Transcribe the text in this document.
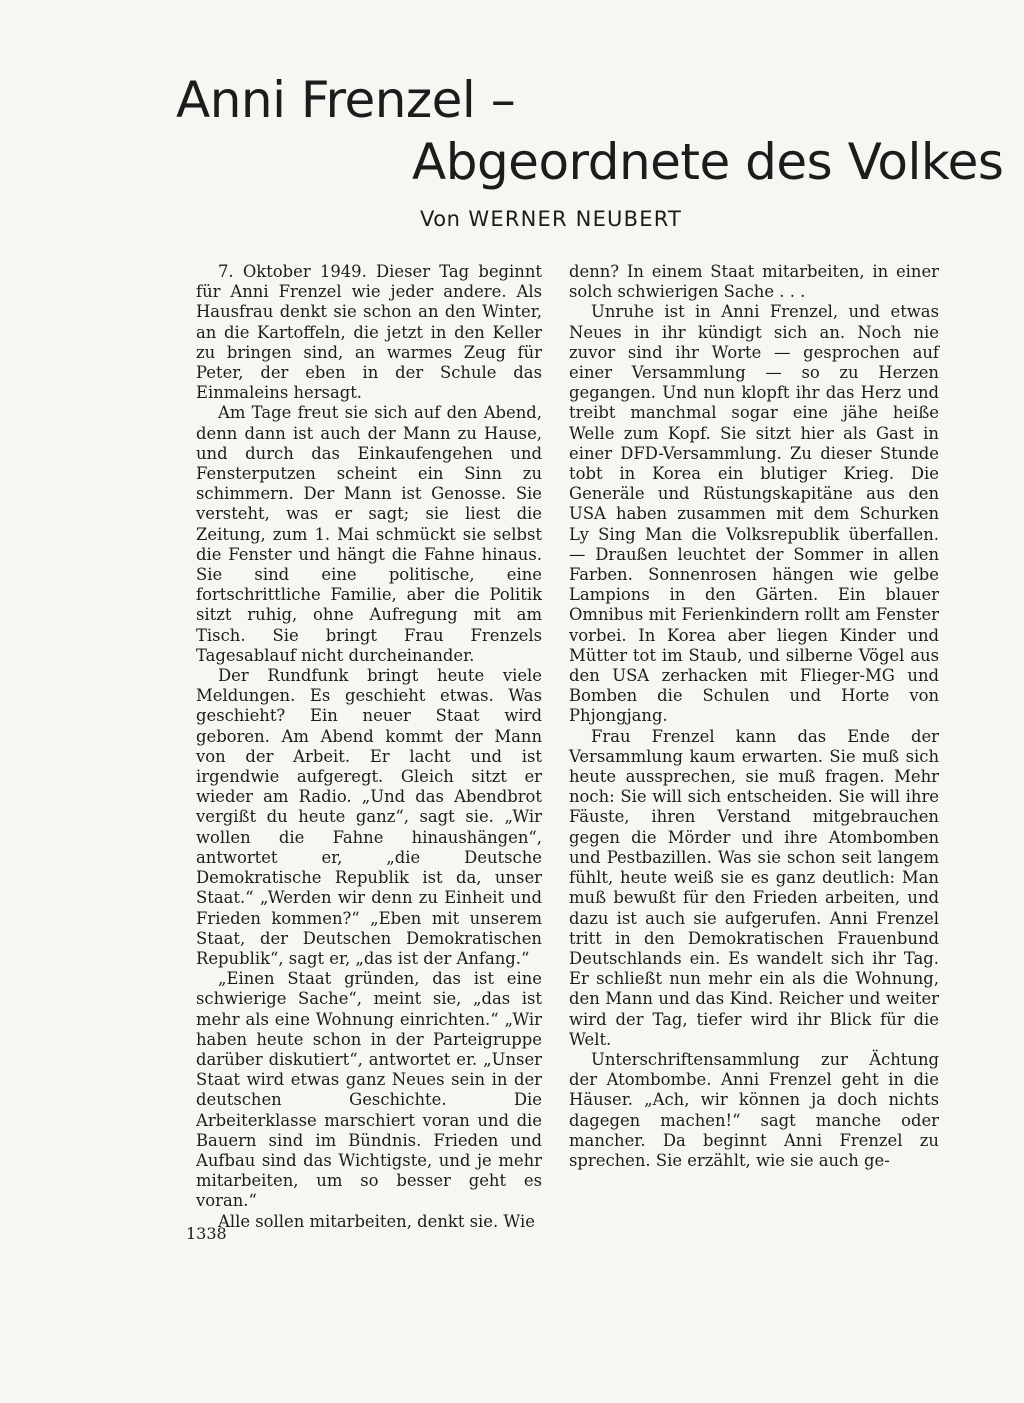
Anni Frenzel –
Abgeordnete des Volkes
Von WERNER NEUBERT

7. Oktober 1949. Dieser Tag beginnt für Anni Frenzel wie jeder andere. Als Hausfrau denkt sie schon an den Winter, an die Kartoffeln, die jetzt in den Keller zu bringen sind, an warmes Zeug für Peter, der eben in der Schule das Einmaleins hersagt.

Am Tage freut sie sich auf den Abend, denn dann ist auch der Mann zu Hause, und durch das Einkaufengehen und Fensterputzen scheint ein Sinn zu schimmern. Der Mann ist Genosse. Sie versteht, was er sagt; sie liest die Zeitung, zum 1. Mai schmückt sie selbst die Fenster und hängt die Fahne hinaus. Sie sind eine politische, eine fortschrittliche Familie, aber die Politik sitzt ruhig, ohne Aufregung mit am Tisch. Sie bringt Frau Frenzels Tagesablauf nicht durcheinander.

Der Rundfunk bringt heute viele Meldungen. Es geschieht etwas. Was geschieht? Ein neuer Staat wird geboren. Am Abend kommt der Mann von der Arbeit. Er lacht und ist irgendwie aufgeregt. Gleich sitzt er wieder am Radio. „Und das Abendbrot vergißt du heute ganz“, sagt sie. „Wir wollen die Fahne hinaushängen“, antwortet er, „die Deutsche Demokratische Republik ist da, unser Staat.“ „Werden wir denn zu Einheit und Frieden kommen?“ „Eben mit unserem Staat, der Deutschen Demokratischen Republik“, sagt er, „das ist der Anfang.“

„Einen Staat gründen, das ist eine schwierige Sache“, meint sie, „das ist mehr als eine Wohnung einrichten.“ „Wir haben heute schon in der Parteigruppe darüber diskutiert“, antwortet er. „Unser Staat wird etwas ganz Neues sein in der deutschen Geschichte. Die Arbeiterklasse marschiert voran und die Bauern sind im Bündnis. Frieden und Aufbau sind das Wichtigste, und je mehr mitarbeiten, um so besser geht es voran.“

Alle sollen mitarbeiten, denkt sie. Wie

denn? In einem Staat mitarbeiten, in einer solch schwierigen Sache . . .

Unruhe ist in Anni Frenzel, und etwas Neues in ihr kündigt sich an. Noch nie zuvor sind ihr Worte — gesprochen auf einer Versammlung — so zu Herzen gegangen. Und nun klopft ihr das Herz und treibt manchmal sogar eine jähe heiße Welle zum Kopf. Sie sitzt hier als Gast in einer DFD-Versammlung. Zu dieser Stunde tobt in Korea ein blutiger Krieg. Die Generäle und Rüstungskapitäne aus den USA haben zusammen mit dem Schurken Ly Sing Man die Volksrepublik überfallen. — Draußen leuchtet der Sommer in allen Farben. Sonnenrosen hängen wie gelbe Lampions in den Gärten. Ein blauer Omnibus mit Ferienkindern rollt am Fenster vorbei. In Korea aber liegen Kinder und Mütter tot im Staub, und silberne Vögel aus den USA zerhacken mit Flieger-MG und Bomben die Schulen und Horte von Phjongjang.

Frau Frenzel kann das Ende der Versammlung kaum erwarten. Sie muß sich heute aussprechen, sie muß fragen. Mehr noch: Sie will sich entscheiden. Sie will ihre Fäuste, ihren Verstand mitgebrauchen gegen die Mörder und ihre Atombomben und Pestbazillen. Was sie schon seit langem fühlt, heute weiß sie es ganz deutlich: Man muß bewußt für den Frieden arbeiten, und dazu ist auch sie aufgerufen. Anni Frenzel tritt in den Demokratischen Frauenbund Deutschlands ein. Es wandelt sich ihr Tag. Er schließt nun mehr ein als die Wohnung, den Mann und das Kind. Reicher und weiter wird der Tag, tiefer wird ihr Blick für die Welt.

Unterschriftensammlung zur Ächtung der Atombombe. Anni Frenzel geht in die Häuser. „Ach, wir können ja doch nichts dagegen machen!“ sagt manche oder mancher. Da beginnt Anni Frenzel zu sprechen. Sie erzählt, wie sie auch ge-

1338
